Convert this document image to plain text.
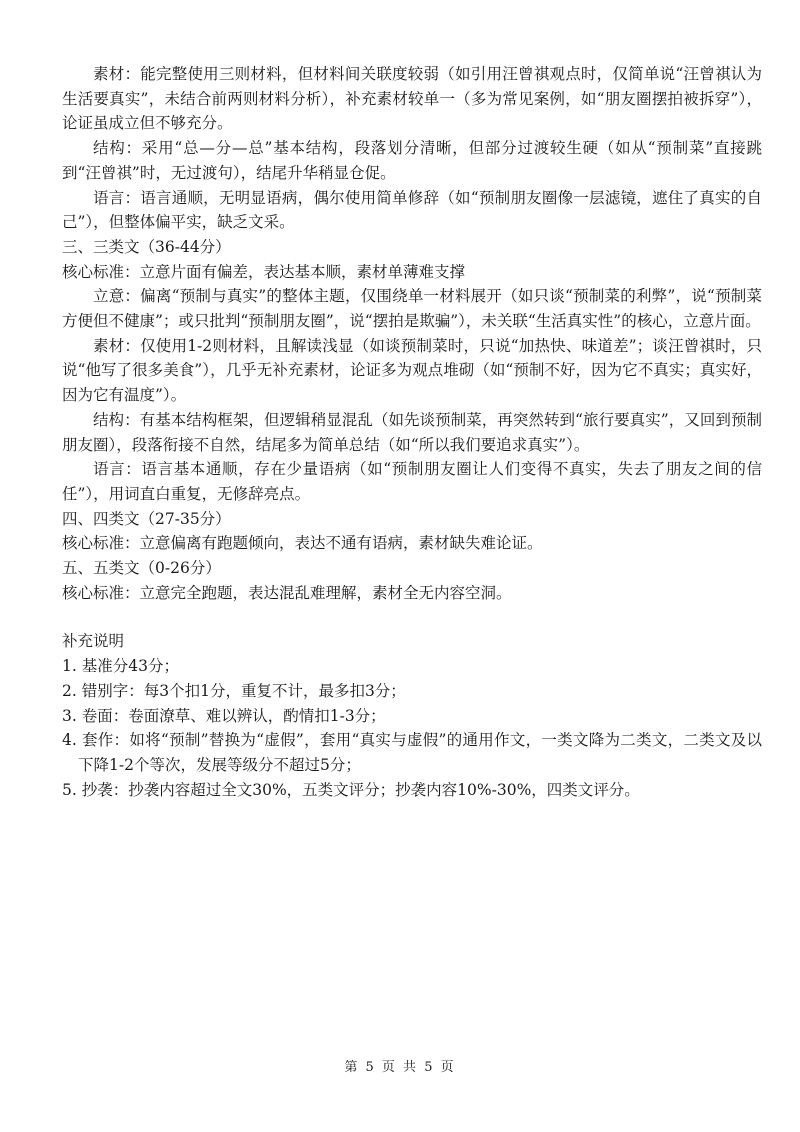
素材：能完整使用三则材料，但材料间关联度较弱（如引用汪曾祺观点时，仅简单说“汪曾祺认为生活要真实”，未结合前两则材料分析），补充素材较单一（多为常见案例，如“朋友圈摆拍被拆穿”），论证虽成立但不够充分。

结构：采用“总—分—总”基本结构，段落划分清晰，但部分过渡较生硬（如从“预制菜”直接跳到“汪曾祺”时，无过渡句），结尾升华稍显仓促。

语言：语言通顺，无明显语病，偶尔使用简单修辞（如“预制朋友圈像一层滤镜，遮住了真实的自己”），但整体偏平实，缺乏文采。

三、三类文（36-44分）

核心标准：立意片面有偏差，表达基本顺，素材单薄难支撑

立意：偏离“预制与真实”的整体主题，仅围绕单一材料展开（如只谈“预制菜的利弊”，说“预制菜方便但不健康”；或只批判“预制朋友圈”，说“摆拍是欺骗”），未关联“生活真实性”的核心，立意片面。

素材：仅使用1-2则材料，且解读浅显（如谈预制菜时，只说“加热快、味道差”；谈汪曾祺时，只说“他写了很多美食”），几乎无补充素材，论证多为观点堆砌（如“预制不好，因为它不真实；真实好，因为它有温度”）。

结构：有基本结构框架，但逻辑稍显混乱（如先谈预制菜，再突然转到“旅行要真实”，又回到预制朋友圈），段落衔接不自然，结尾多为简单总结（如“所以我们要追求真实”）。

语言：语言基本通顺，存在少量语病（如“预制朋友圈让人们变得不真实，失去了朋友之间的信任”），用词直白重复，无修辞亮点。

四、四类文（27-35分）

核心标准：立意偏离有跑题倾向，表达不通有语病，素材缺失难论证。

五、五类文（0-26分）

核心标准：立意完全跑题，表达混乱难理解，素材全无内容空洞。

补充说明

1. 基准分43分；

2. 错别字：每3个扣1分，重复不计，最多扣3分；

3. 卷面：卷面潦草、难以辨认，酌情扣1-3分；

4. 套作：如将“预制”替换为“虚假”，套用“真实与虚假”的通用作文，一类文降为二类文，二类文及以下降1-2个等次，发展等级分不超过5分；

5. 抄袭：抄袭内容超过全文30%，五类文评分；抄袭内容10%-30%，四类文评分。

第 5 页 共 5 页
